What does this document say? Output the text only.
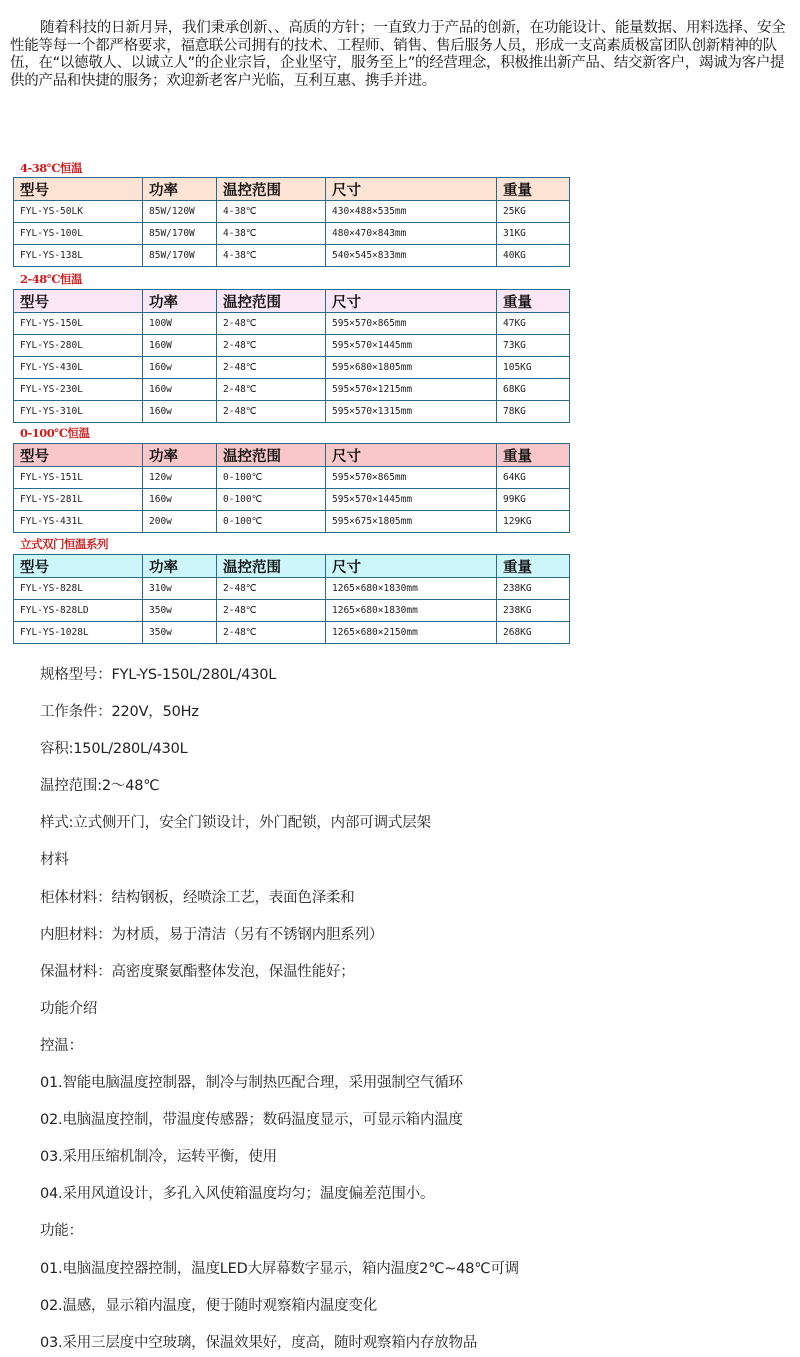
随着科技的日新月异，我们秉承创新、、高质的方针；一直致力于产品的创新，在功能设计、能量数据、用料选择、安全性能等每一个都严格要求，福意联公司拥有的技术、工程师、销售、售后服务人员，形成一支高素质极富团队创新精神的队伍，在“以德敬人、以诚立人”的企业宗旨，企业坚守，服务至上”的经营理念，积极推出新产品、结交新客户，竭诚为客户提供的产品和快捷的服务；欢迎新老客户光临，互利互惠、携手并进。
4-38℃恒温
型号	功率	温控范围	尺寸	重量
FYL-YS-50LK	85W/120W	4-38℃	430×488×535mm	25KG
FYL-YS-100L	85W/170W	4-38℃	480×470×843mm	31KG
FYL-YS-138L	85W/170W	4-38℃	540×545×833mm	40KG
2-48℃恒温
型号	功率	温控范围	尺寸	重量
FYL-YS-150L	100W	2-48℃	595×570×865mm	47KG
FYL-YS-280L	160W	2-48℃	595×570×1445mm	73KG
FYL-YS-430L	160w	2-48℃	595×680×1805mm	105KG
FYL-YS-230L	160w	2-48℃	595×570×1215mm	68KG
FYL-YS-310L	160w	2-48℃	595×570×1315mm	78KG
0-100℃恒温
型号	功率	温控范围	尺寸	重量
FYL-YS-151L	120w	0-100℃	595×570×865mm	64KG
FYL-YS-281L	160w	0-100℃	595×570×1445mm	99KG
FYL-YS-431L	200w	0-100℃	595×675×1805mm	129KG
立式双门恒温系列
型号	功率	温控范围	尺寸	重量
FYL-YS-828L	310w	2-48℃	1265×680×1830mm	238KG
FYL-YS-828LD	350w	2-48℃	1265×680×1830mm	238KG
FYL-YS-1028L	350w	2-48℃	1265×680×2150mm	268KG

规格型号：FYL-YS-150L/280L/430L

工作条件：220V，50Hz

容积:150L/280L/430L

温控范围:2～48℃

样式:立式侧开门，安全门锁设计，外门配锁，内部可调式层架

材料

柜体材料：结构钢板，经喷涂工艺，表面色泽柔和

内胆材料：为材质，易于清洁（另有不锈钢内胆系列）

保温材料：高密度聚氨酯整体发泡，保温性能好；

功能介绍

控温：

01.智能电脑温度控制器，制冷与制热匹配合理，采用强制空气循环

02.电脑温度控制，带温度传感器；数码温度显示，可显示箱内温度

03.采用压缩机制冷，运转平衡，使用

04.采用风道设计，多孔入风使箱温度均匀；温度偏差范围小。

功能：

01.电脑温度控器控制，温度LED大屏幕数字显示，箱内温度2℃~48℃可调

02.温感，显示箱内温度，便于随时观察箱内温度变化

03.采用三层度中空玻璃，保温效果好，度高，随时观察箱内存放物品
